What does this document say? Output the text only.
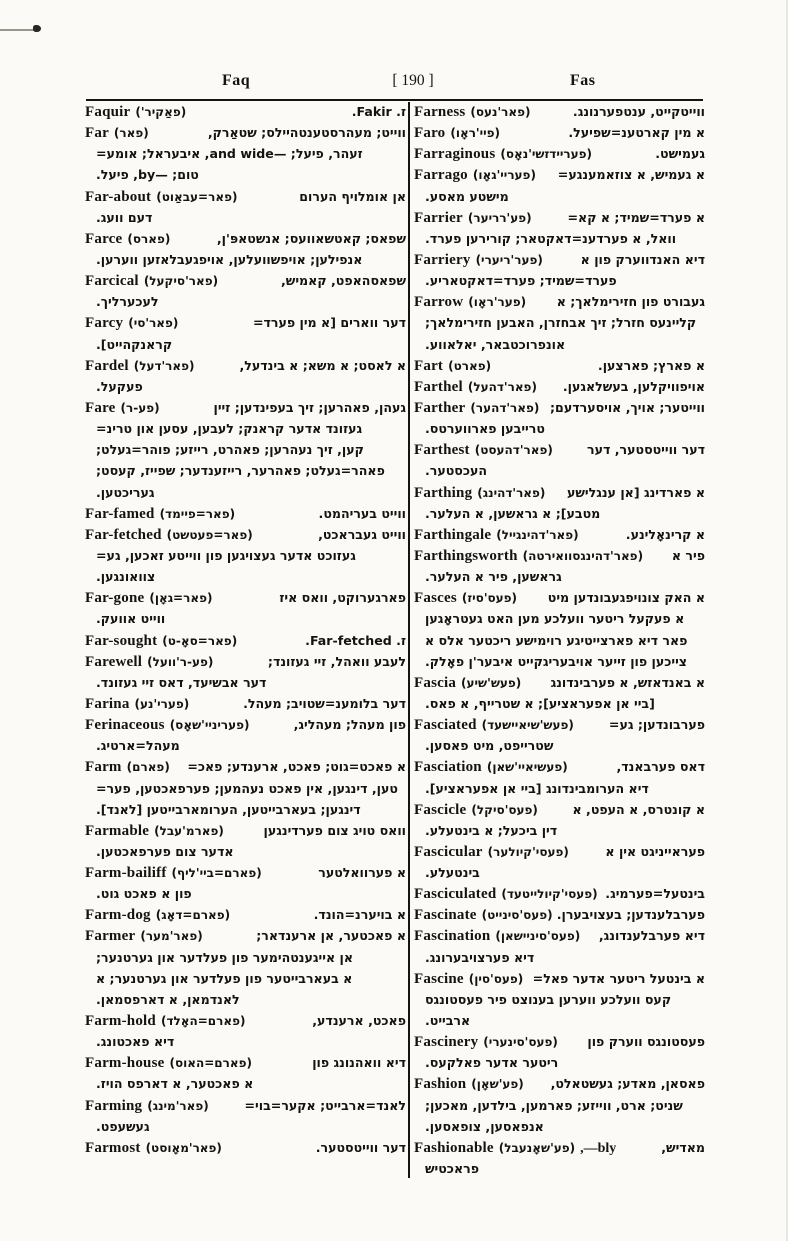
Faq	[ 190 ]	Fas
Faquir (פאַקיר')	ז. Fakir.
Far (פאר)	ווייט; מעהרסטענטהיילס; שטאַרק,
זעהר, פיעל; —and wide, איבעראל; אומע=
טום; —by, פיעל.
Far-about (פאר=עבאַוט)	אן אומלויף הערום
דעם וועג.
Farce (פארס)	שפאס; קאטשאוועס; אנשטאפּ'ן,
אנפילען; אויפשוועלען, אויפגעבלאזען ווערען.
Farcical (פאר'סיקעל)	שפאסהאפט, קאמיש,
לעכערליך.
Farcy (פאר'סי)	דער ווארים [א מין פערד=
קראנקהייט].
Fardel (פאר'דעל)	א לאסט; א משא; א בינדעל,
פעקעל.
Fare (פע-ר)	געהן, פאהרען; זיך בעפינדען; זיין
געזונד אדער קראנק; לעבען, עסען און טרינ=
קען, זיך נעהרען; פאהרט, רייזע; פוהר=געלט;
פאהר=געלט; פאהרער, רייזענדער; שפייז, קעסט;
געריכטען.
Far-famed (פאר=פיימד)	ווייט בעריהמט.
Far-fetched (פאר=פעטשט)	ווייט געבראכט,
געזוכט אדער געצויגען פון ווייטע זאכען, גע=
צוואונגען.
Far-gone (פאר=גאָן)	פארגערוקט, וואס איז
ווייט אוועק.
Far-sought (פאר=סאָ-ט)	ז. Far-fetched.
Farewell (פע-ר'וועל)	לעבע וואהל, זיי געזונד;
דער אבשיעד, דאס זיי געזונד.
Farina (פערי'נע)	דער בלומענ=שטויב; מעהל.
Ferinaceous (פעריניי'שאָס)	פון מעהל; מעהליג,
מעהל=ארטיג.
Farm (פארם) א פאכט=גוט; פאכט, ארענדע; פאכ=
טען, דינגען, אין פאכט נעהמען; פערפאכטען, פער=
דינגען; בעארבייטען, הערומארבייטען [לאנד].
Farmable (פארמ'עבל)	וואס טויג צום פערדינגען
אדער צום פערפאכטען.
Farm-bailiff (פארם=ביי'ליף)	א פערוואלטער
פון א פאכט גוט.
Farm-dog (פארם=דאָג)	א בויערנ=הונד.
Farmer (פאר'מער)	א פאכטער, אן ארענדאר;
אן אייגענטהימער פון פעלדער און גערטנער;
א בעארבייטער פון פעלדער און גערטנער; א
לאנדמאן, א דארפסמאן.
Farm-hold (פארם=האָלד)	פאכט, ארענדע,
דיא פאכטונג.
Farm-house (פארם=האוס)	דיא וואהנונג פון
א פאכטער, א דארפס הויז.
Farming (פאר'מינג)	לאנד=ארבייט; אקער=בוי=
געשעפט.
Farmost (פאר'מאָוסט)	דער ווייטסטער.
Farness (פאר'נעס)	ווייטקייט, ענטפערנונג.
Faro (פיי'ראָו)	א מין קארטענ=שפיעל.
Farraginous (פעריידזשי'נאָס)	געמישט.
Farrago (פעריי'גאָו) א געמיש, א צוזאמענגע=
מישטע מאסע.
Farrier (פע'רריער)	א פערד=שמיד; א קא=
וואל, א פערדענ=דאקטאר; קורירען פערד.
Farriery (פער'ריערי)	דיא האנדווערק פון א
פערד=שמיד; פערד=דאקטאריע.
Farrow (פער'ראָו) געבורט פון חזירימלאך; א
קליינעס חזרל; זיך אבחזרן, האבען חזירימלאך;
אונפרוכטבאר, יאלאווע.
Fart (פארט)	א פארץ; פארצען.
Farthel (פאר'דהעל) אויפוויקלען, בעשלאגען.
Farther (פאר'דהער) ווייטער; אויך, אויסערדעם;
טרייבען פארווערטס.
Farthest (פאר'דהעסט)	דער ווייטסטער, דער
העכסטער.
Farthing (פאר'דהינג) א פארדינג [אן ענגלישע
מטבע]; א גראשען, א העלער.
Farthingale (פאר'דהינגייל)	א קרינאָלינע.
Farthingsworth (פאר'דהינגסוואירטה) פיר א
גראשען, פיר א העלער.
Fasces (פעס'סיז) א האק צונויפגעבונדען מיט
א פעקעל ריטער וועלכע מען האט געטראָגען
פאר דיא פארצייטיגע רוימישע ריכטער אלס א
צייכען פון זייער אויבעריגקייט איבער'ן פאָלק.
Fascia (פעש'שיע) א באנדאזש, א פערבינדונג
[ביי אן אפעראציע]; א שטרייף, א פאס.
Fasciated (פעש'שיאיישעד)	פערבונדען; גע=
שטרייפט, מיט פאסען.
Fasciation (פעשיאיי'שאן)	דאס פערבאנד,
דיא הערומבינדונג [ביי אן אפעראציע].
Fascicle (פעס'סיקל)	א קונטרס, א העפט, א
דין ביכעל; א בינטעלע.
Fascicular (פעסי'קיולער)	פעראייניגט אין א
בינטעלע.
Fasciculated (פעסי'קיולייטעד) בינטעל=פערמיג.
Fascinate (פעס'סינייט) פערבלענדען; בעצויבערן.
Fascination (פעס'סיניישאן) דיא פערבלענדונג,
דיא פערצויבערונג.
Fascine (פעס'סין) א בינטעל ריטער אדער פאל=
קעס וועלכע ווערען בענוצט פיר פעסטונגס
ארבייט.
Fascinery (פעס'סינערי) פעסטונגס ווערק פון
ריטער אדער פאלקעס.
Fashion (פע'שאָן) פאסאן, מאדע; געשטאלט,
שניט; ארט, ווייזע; פארמען, בילדען, מאכען;
אנפאסען, צופאסען.
Fashionable (פע'שאָנעבל) ,—bly	מאדיש,
פראכטיש
